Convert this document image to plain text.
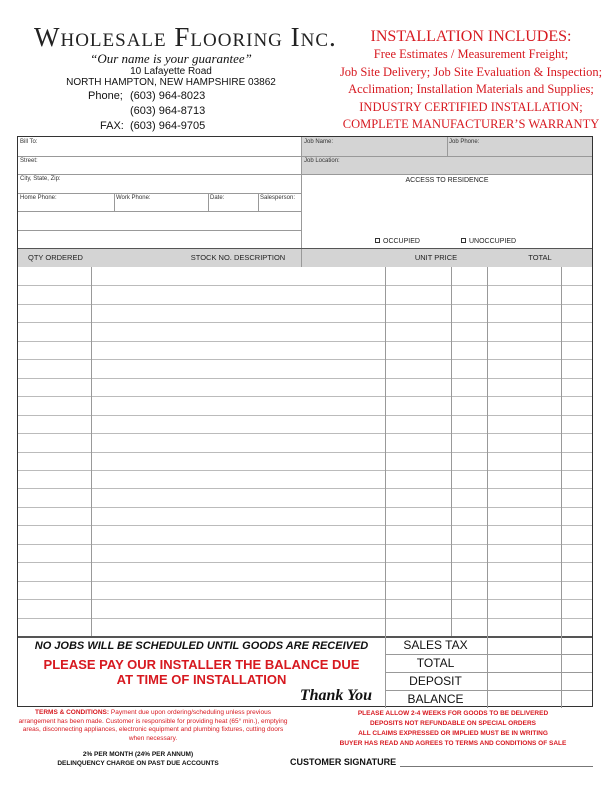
Wholesale Flooring Inc.
“Our name is your guarantee”
10 Lafayette Road
NORTH HAMPTON, NEW HAMPSHIRE 03862
Phone; (603) 964-8023
(603) 964-8713
FAX: (603) 964-9705
INSTALLATION INCLUDES:
Free Estimates / Measurement Freight;
Job Site Delivery; Job Site Evaluation & Inspection;
Acclimation; Installation Materials and Supplies;
INDUSTRY CERTIFIED INSTALLATION;
COMPLETE MANUFACTURER’S WARRANTY
Bill To:
Street:
City, State, Zip:
Home Phone:	Work Phone:	Date:	Salesperson:
Job Name:	Job Phone:
Job Location:
ACCESS TO RESIDENCE
OCCUPIED	UNOCCUPIED
QTY ORDERED	STOCK NO. DESCRIPTION	UNIT PRICE	TOTAL
SALES TAX
TOTAL
DEPOSIT
BALANCE
NO JOBS WILL BE SCHEDULED UNTIL GOODS ARE RECEIVED
PLEASE PAY OUR INSTALLER THE BALANCE DUE
AT TIME OF INSTALLATION
Thank You
TERMS & CONDITIONS: Payment due upon ordering/scheduling unless previous arrangement has been made. Customer is responsible for providing heat (65° min.), emptying areas, disconnecting appliances, electronic equipment and plumbing fixtures, cutting doors when necessary.
PLEASE ALLOW 2-4 WEEKS FOR GOODS TO BE DELIVERED
DEPOSITS NOT REFUNDABLE ON SPECIAL ORDERS
ALL CLAIMS EXPRESSED OR IMPLIED MUST BE IN WRITING
BUYER HAS READ AND AGREES TO TERMS AND CONDITIONS OF SALE
2% PER MONTH (24% PER ANNUM)
DELINQUENCY CHARGE ON PAST DUE ACCOUNTS	CUSTOMER SIGNATURE
